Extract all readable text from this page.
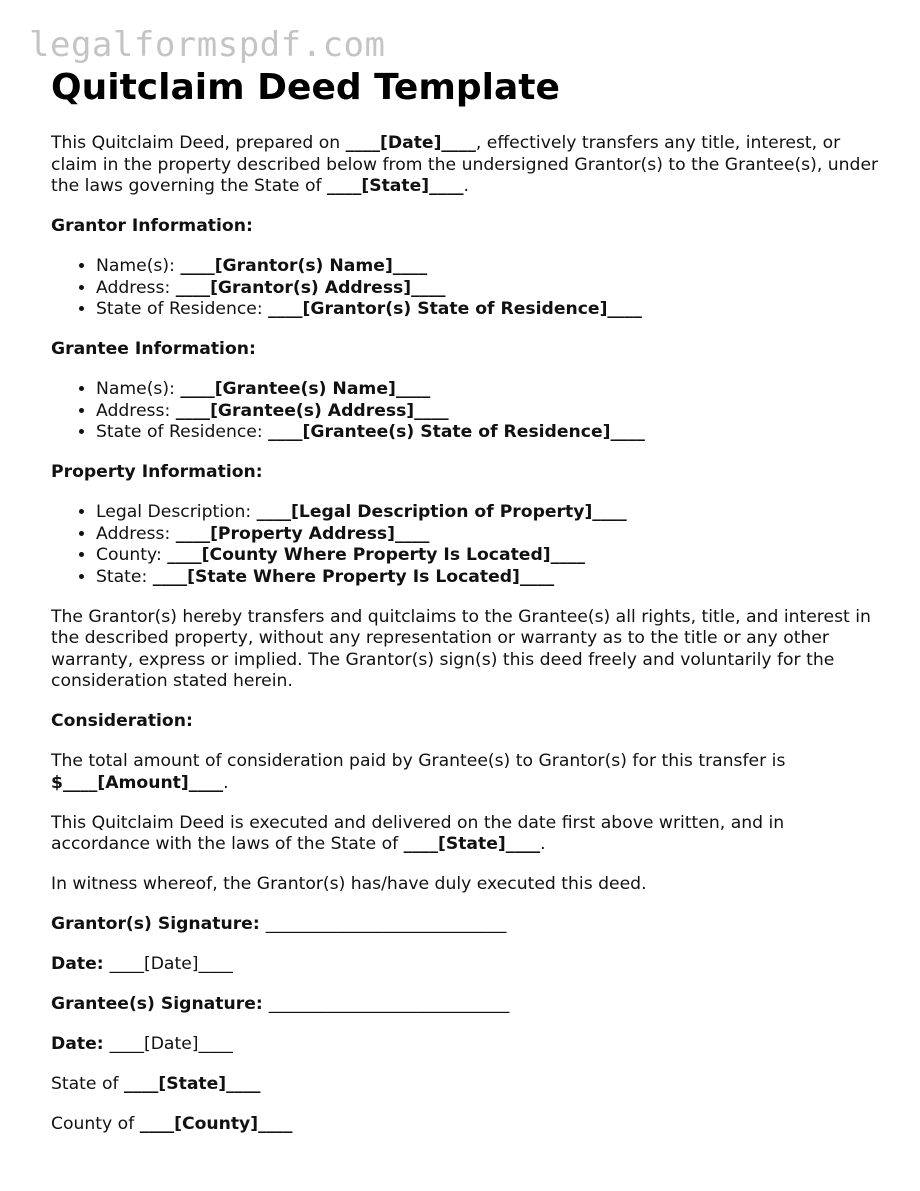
legalformspdf.com
Quitclaim Deed Template

This Quitclaim Deed, prepared on ____[Date]____, effectively transfers any title, interest, or claim in the property described below from the undersigned Grantor(s) to the Grantee(s), under the laws governing the State of ____[State]____.

Grantor Information:

• Name(s): ____[Grantor(s) Name]____
• Address: ____[Grantor(s) Address]____
• State of Residence: ____[Grantor(s) State of Residence]____

Grantee Information:

• Name(s): ____[Grantee(s) Name]____
• Address: ____[Grantee(s) Address]____
• State of Residence: ____[Grantee(s) State of Residence]____

Property Information:

• Legal Description: ____[Legal Description of Property]____
• Address: ____[Property Address]____
• County: ____[County Where Property Is Located]____
• State: ____[State Where Property Is Located]____

The Grantor(s) hereby transfers and quitclaims to the Grantee(s) all rights, title, and interest in the described property, without any representation or warranty as to the title or any other warranty, express or implied. The Grantor(s) sign(s) this deed freely and voluntarily for the consideration stated herein.

Consideration:

The total amount of consideration paid by Grantee(s) to Grantor(s) for this transfer is $____[Amount]____.

This Quitclaim Deed is executed and delivered on the date first above written, and in accordance with the laws of the State of ____[State]____.

In witness whereof, the Grantor(s) has/have duly executed this deed.

Grantor(s) Signature: ____________________________

Date: ____[Date]____

Grantee(s) Signature: ____________________________

Date: ____[Date]____

State of ____[State]____

County of ____[County]____
